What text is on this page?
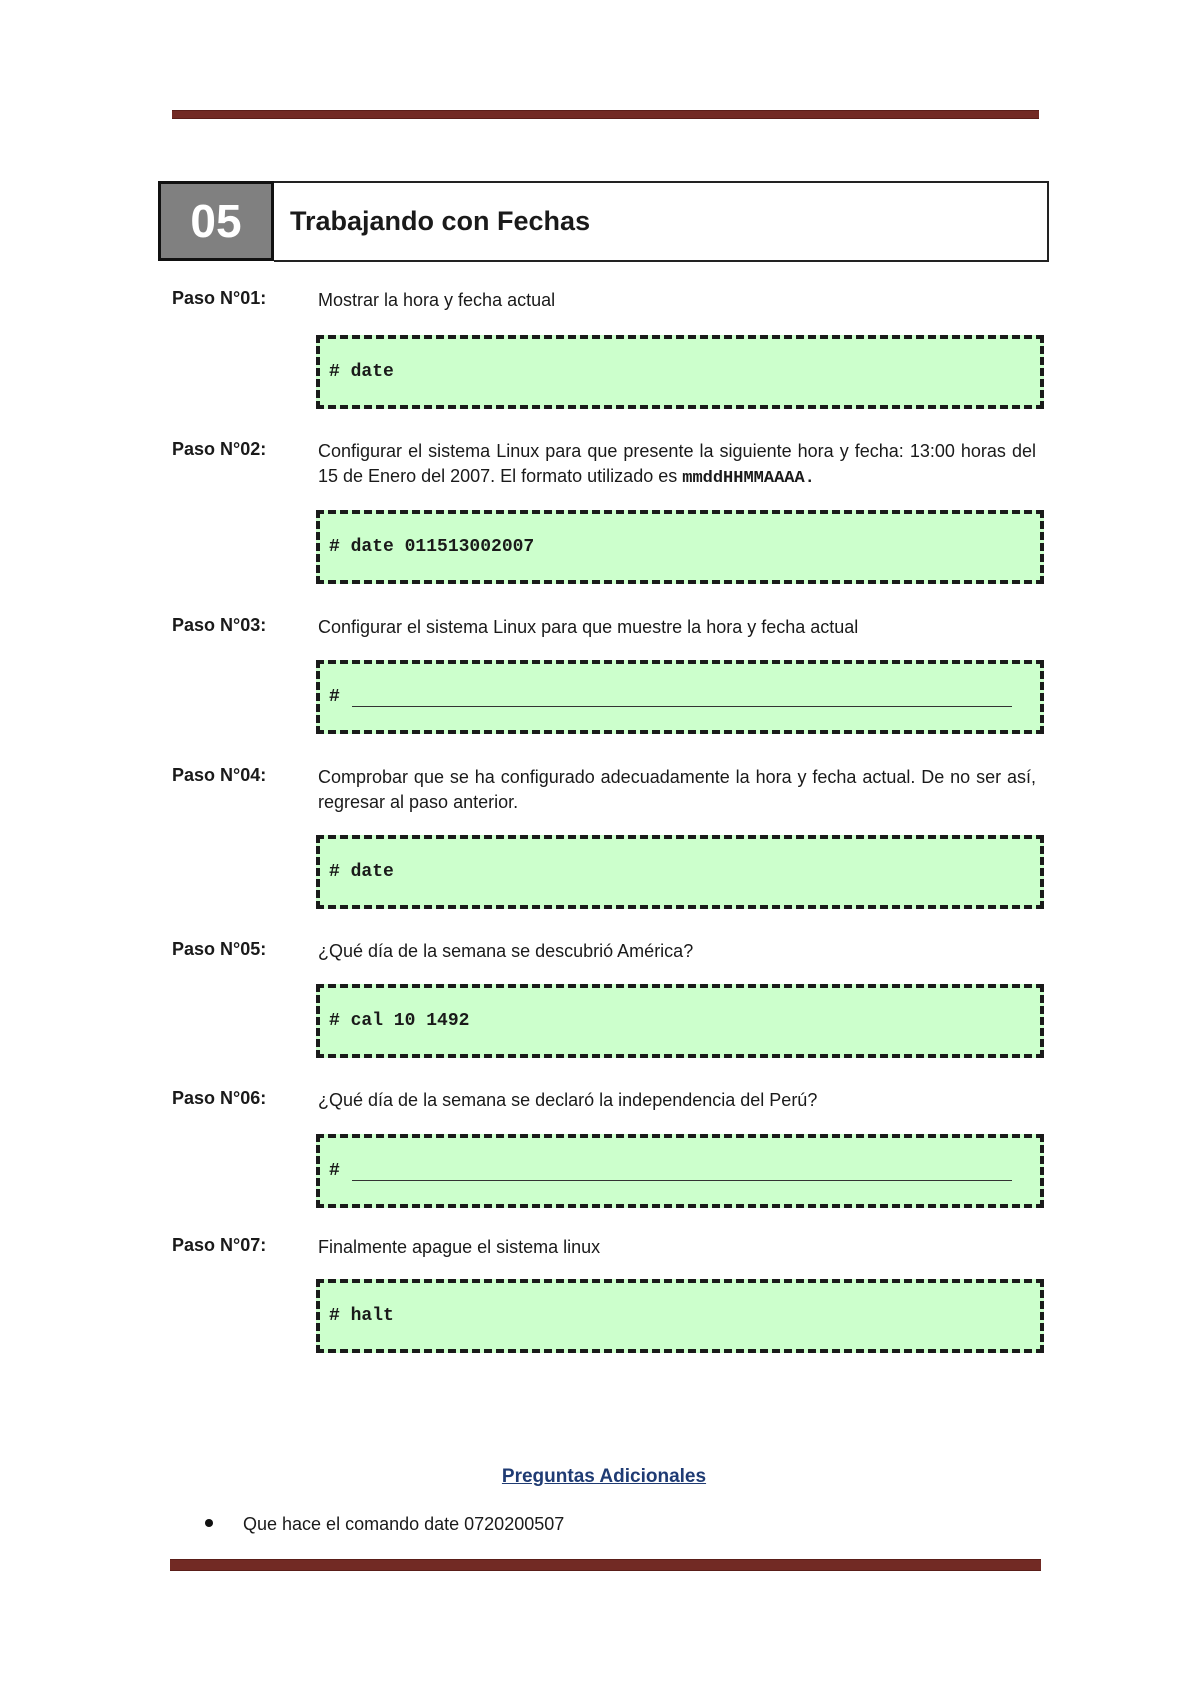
05	Trabajando con Fechas
Paso N°01:	Mostrar la hora y fecha actual
# date
Paso N°02:	Configurar el sistema Linux para que presente la siguiente hora y fecha: 13:00 horas del 15 de Enero del 2007. El formato utilizado es mmddHHMMAAAA.
# date 011513002007
Paso N°03:	Configurar el sistema Linux para que muestre la hora y fecha actual
#
Paso N°04:	Comprobar que se ha configurado adecuadamente la hora y fecha actual. De no ser así, regresar al paso anterior.
# date
Paso N°05:	¿Qué día de la semana se descubrió América?
# cal 10 1492
Paso N°06:	¿Qué día de la semana se declaró la independencia del Perú?
#
Paso N°07:	Finalmente apague el sistema linux
# halt
Preguntas Adicionales
Que hace el comando date 0720200507
